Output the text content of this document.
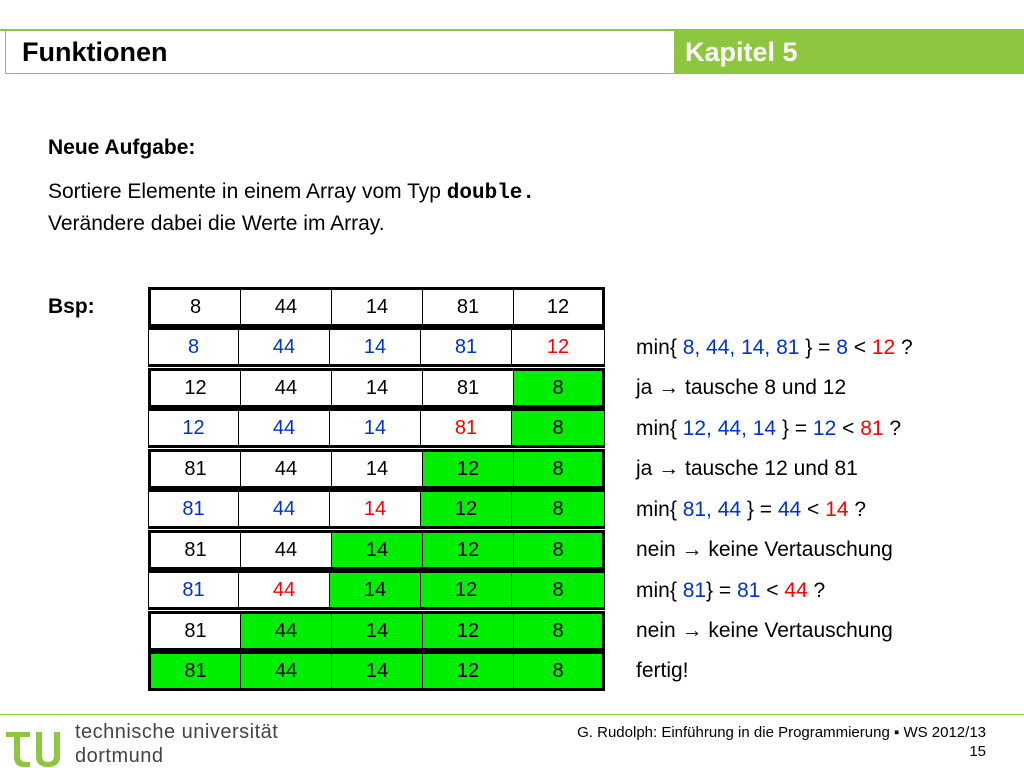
Funktionen	Kapitel 5
Neue Aufgabe:
Sortiere Elemente in einem Array vom Typ double.
Verändere dabei die Werte im Array.
Bsp:	8	44	14	81	12
8	44	14	81	12
12	44	14	81	8
12	44	14	81	8
81	44	14	12	8
81	44	14	12	8
81	44	14	12	8
81	44	14	12	8
81	44	14	12	8
81	44	14	12	8
min{ 8, 44, 14, 81 } = 8 < 12 ?
ja → tausche 8 und 12
min{ 12, 44, 14 } = 12 < 81 ?
ja → tausche 12 und 81
min{ 81, 44 } = 44 < 14 ?
nein → keine Vertauschung
min{ 81} = 81 < 44 ?
nein → keine Vertauschung
fertig!
technische universität
dortmund
G. Rudolph: Einführung in die Programmierung ▪ WS 2012/13
15
